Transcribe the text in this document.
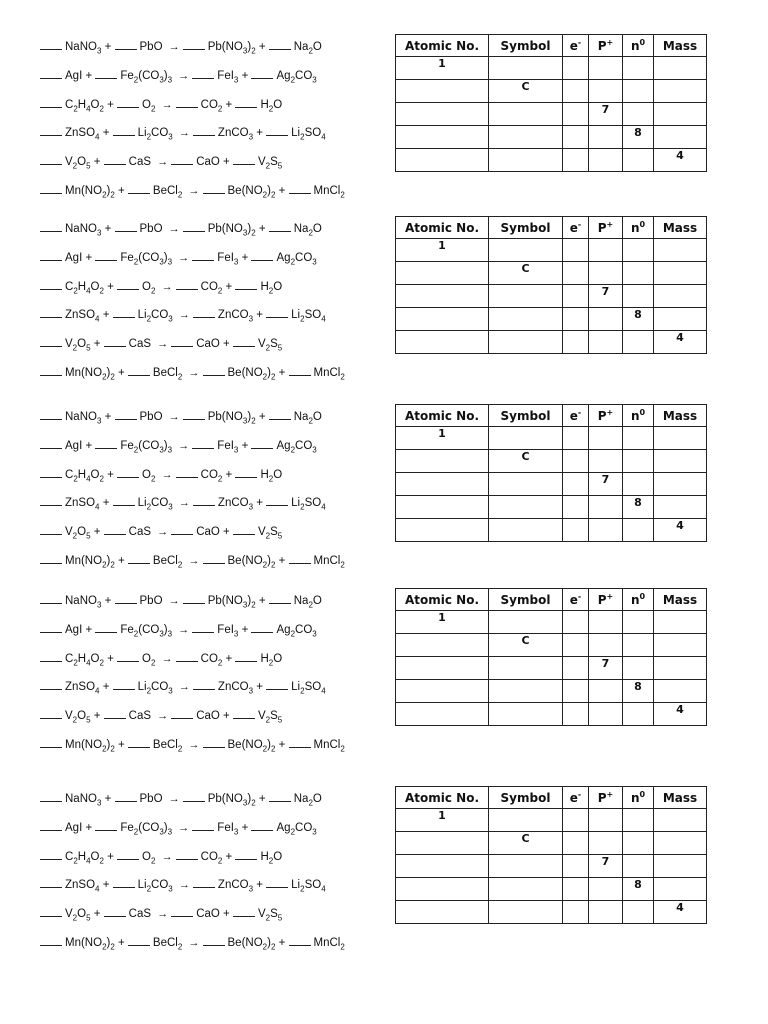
NaNO$_3$ + PbO → $Pb(NO_3)_2 + Na_2O$
AgI + $Fe_2(CO_3)_3 \to FeI_3 + Ag_2CO_3$
$C_2H_4O_2 + O_2 \to CO_2 + H_2O$
ZnSO$_4$ + $Li_2CO_3$ → ZnCO$_3$ + $Li_2SO_4$
$V_2O_5$ + CaS → CaO + $V_2S_5$
$Mn(NO_2)_2$ + BeCl$_2$ → $Be(NO_2)_2$ + MnCl$_2$
Atomic No.	Symbol	e-	P+	$n^0$	Mass
1					
	C				
			7		
				8	
					4
NaNO$_3$ + PbO → $Pb(NO_3)_2 + Na_2O$
AgI + $Fe_2(CO_3)_3 \to FeI_3 + Ag_2CO_3$
$C_2H_4O_2 + O_2 \to CO_2 + H_2O$
ZnSO$_4$ + $Li_2CO_3$ → ZnCO$_3$ + $Li_2SO_4$
$V_2O_5$ + CaS → CaO + $V_2S_5$
$Mn(NO_2)_2$ + BeCl$_2$ → $Be(NO_2)_2$ + MnCl$_2$
Atomic No.	Symbol	e-	P+	$n^0$	Mass
1					
	C				
			7		
				8	
					4
NaNO$_3$ + PbO → $Pb(NO_3)_2 + Na_2O$
AgI + $Fe_2(CO_3)_3 \to FeI_3 + Ag_2CO_3$
$C_2H_4O_2 + O_2 \to CO_2 + H_2O$
ZnSO$_4$ + $Li_2CO_3$ → ZnCO$_3$ + $Li_2SO_4$
$V_2O_5$ + CaS → CaO + $V_2S_5$
$Mn(NO_2)_2$ + BeCl$_2$ → $Be(NO_2)_2$ + MnCl$_2$
Atomic No.	Symbol	e-	P+	$n^0$	Mass
1					
	C				
			7		
				8	
					4
NaNO$_3$ + PbO → $Pb(NO_3)_2 + Na_2O$
AgI + $Fe_2(CO_3)_3 \to FeI_3 + Ag_2CO_3$
$C_2H_4O_2 + O_2 \to CO_2 + H_2O$
ZnSO$_4$ + $Li_2CO_3$ → ZnCO$_3$ + $Li_2SO_4$
$V_2O_5$ + CaS → CaO + $V_2S_5$
$Mn(NO_2)_2$ + BeCl$_2$ → $Be(NO_2)_2$ + MnCl$_2$
Atomic No.	Symbol	e-	P+	$n^0$	Mass
1					
	C				
			7		
				8	
					4
NaNO$_3$ + PbO → $Pb(NO_3)_2 + Na_2O$
AgI + $Fe_2(CO_3)_3 \to FeI_3 + Ag_2CO_3$
$C_2H_4O_2 + O_2 \to CO_2 + H_2O$
ZnSO$_4$ + $Li_2CO_3$ → ZnCO$_3$ + $Li_2SO_4$
$V_2O_5$ + CaS → CaO + $V_2S_5$
$Mn(NO_2)_2$ + BeCl$_2$ → $Be(NO_2)_2$ + MnCl$_2$
Atomic No.	Symbol	e-	P+	$n^0$	Mass
1					
	C				
			7		
				8	
					4
